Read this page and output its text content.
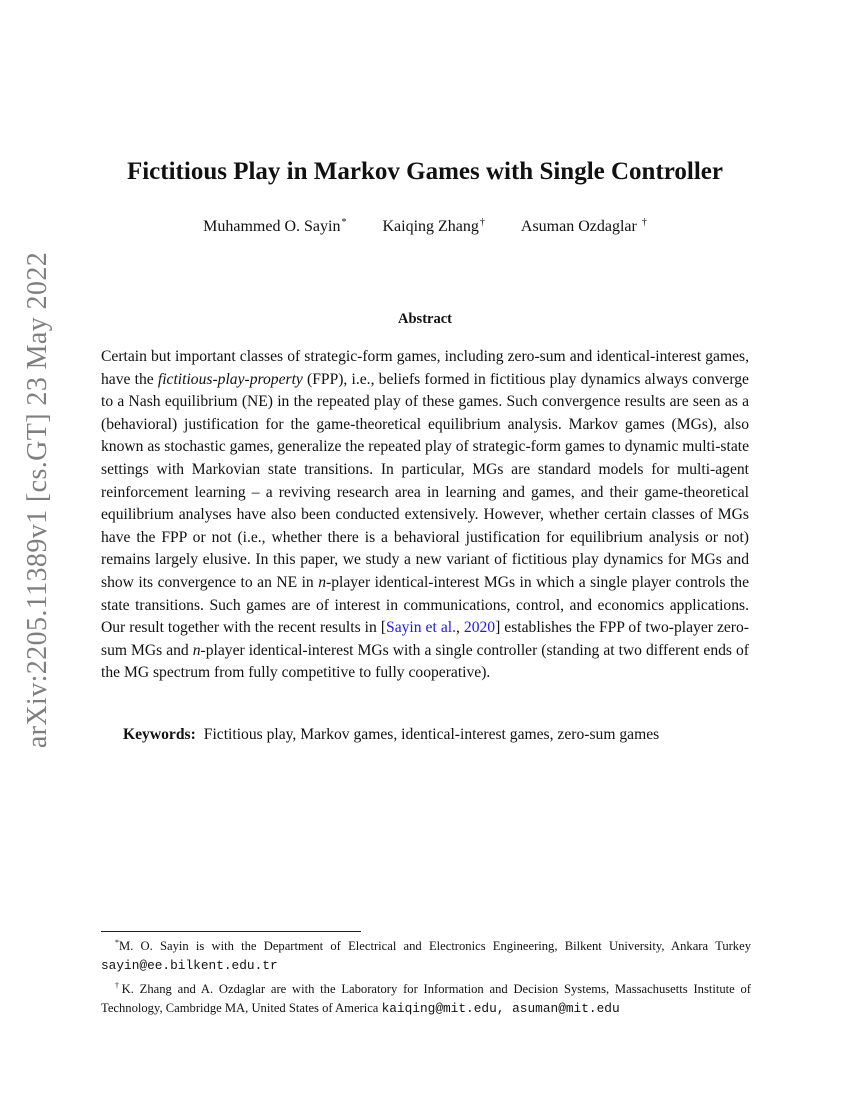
arXiv:2205.11389v1 [cs.GT] 23 May 2022
Fictitious Play in Markov Games with Single Controller
Muhammed O. Sayin* Kaiqing Zhang† Asuman Ozdaglar †
Abstract

Certain but important classes of strategic-form games, including zero-sum and identical-interest games, have the fictitious-play-property (FPP), i.e., beliefs formed in fictitious play dynamics always converge to a Nash equilibrium (NE) in the repeated play of these games. Such convergence results are seen as a (behavioral) justification for the game-theoretical equilibrium analysis. Markov games (MGs), also known as stochastic games, generalize the repeated play of strategic-form games to dynamic multi-state settings with Markovian state transitions. In particular, MGs are standard models for multi-agent reinforcement learning – a reviving research area in learning and games, and their game-theoretical equilibrium analyses have also been conducted extensively. However, whether certain classes of MGs have the FPP or not (i.e., whether there is a behavioral justification for equilibrium analysis or not) remains largely elusive. In this paper, we study a new variant of fictitious play dynamics for MGs and show its convergence to an NE in n-player identical-interest MGs in which a single player controls the state transitions. Such games are of interest in communications, control, and economics applications. Our result together with the recent results in [Sayin et al., 2020] establishes the FPP of two-player zero-sum MGs and n-player identical-interest MGs with a single controller (standing at two different ends of the MG spectrum from fully competitive to fully cooperative).

Keywords: Fictitious play, Markov games, identical-interest games, zero-sum games

*M. O. Sayin is with the Department of Electrical and Electronics Engineering, Bilkent University, Ankara Turkey sayin@ee.bilkent.edu.tr

†K. Zhang and A. Ozdaglar are with the Laboratory for Information and Decision Systems, Massachusetts Institute of Technology, Cambridge MA, United States of America kaiqing@mit.edu, asuman@mit.edu
